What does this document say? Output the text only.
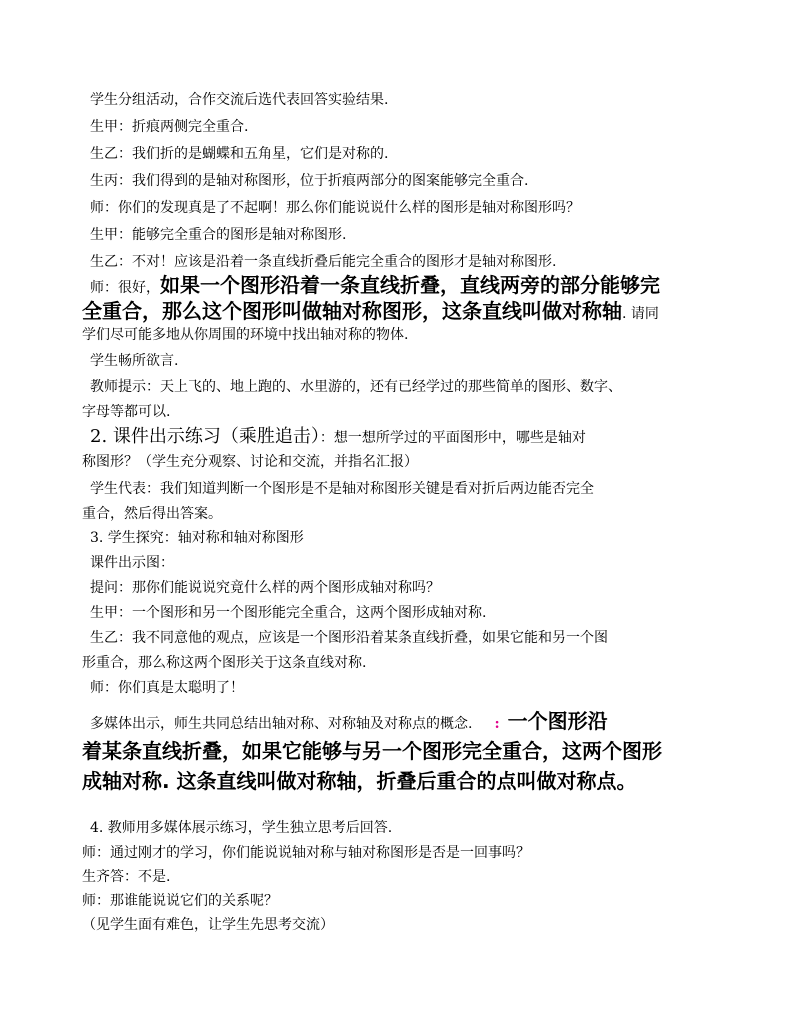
学生分组活动，合作交流后选代表回答实验结果.
生甲：折痕两侧完全重合.
生乙：我们折的是蝴蝶和五角星，它们是对称的.
生丙：我们得到的是轴对称图形，位于折痕两部分的图案能够完全重合.
师：你们的发现真是了不起啊！那么你们能说说什么样的图形是轴对称图形吗？
生甲：能够完全重合的图形是轴对称图形.
生乙：不对！应该是沿着一条直线折叠后能完全重合的图形才是轴对称图形.
师：很好，如果一个图形沿着一条直线折叠，直线两旁的部分能够完
全重合，那么这个图形叫做轴对称图形，这条直线叫做对称轴. 请同
学们尽可能多地从你周围的环境中找出轴对称的物体.
学生畅所欲言.
教师提示：天上飞的、地上跑的、水里游的，还有已经学过的那些简单的图形、数字、
字母等都可以.
2. 课件出示练习（乘胜追击）：想一想所学过的平面图形中，哪些是轴对
称图形？（学生充分观察、讨论和交流，并指名汇报）
学生代表：我们知道判断一个图形是不是轴对称图形关键是看对折后两边能否完全
重合，然后得出答案。
3. 学生探究：轴对称和轴对称图形
课件出示图：
提问：那你们能说说究竟什么样的两个图形成轴对称吗？
生甲：一个图形和另一个图形能完全重合，这两个图形成轴对称.
生乙：我不同意他的观点，应该是一个图形沿着某条直线折叠，如果它能和另一个图
形重合，那么称这两个图形关于这条直线对称.
师：你们真是太聪明了！
多媒体出示，师生共同总结出轴对称、对称轴及对称点的概念. : 一个图形沿
着某条直线折叠，如果它能够与另一个图形完全重合，这两个图形
成轴对称. 这条直线叫做对称轴，折叠后重合的点叫做对称点。
4. 教师用多媒体展示练习，学生独立思考后回答.
师：通过刚才的学习，你们能说说轴对称与轴对称图形是否是一回事吗？
生齐答：不是.
师：那谁能说说它们的关系呢？
（见学生面有难色，让学生先思考交流）
